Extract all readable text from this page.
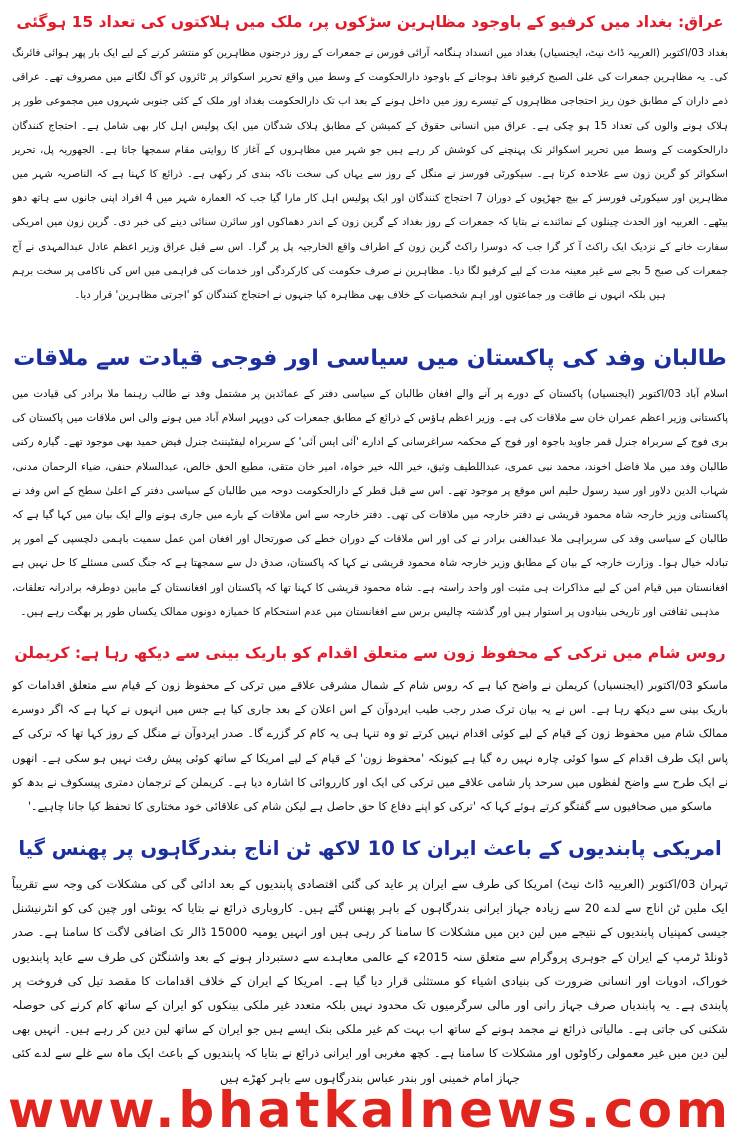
عراق: بغداد میں کرفیو کے باوجود مظاہرین سڑکوں پر، ملک میں ہلاکتوں کی تعداد 15 ہوگئی
بغداد 03/اکتوبر (العربیہ ڈاٹ نیٹ، ایجنسیاں) بغداد میں انسداد ہنگامہ آرائی فورس نے جمعرات کے روز درجنوں مظاہرین کو منتشر کرنے کے لیے ایک بار پھر ہوائی فائرنگ کی۔ یہ مظاہرین جمعرات کی علی الصبح کرفیو نافذ ہوجانے کے باوجود دارالحکومت کے وسط میں واقع تحریر اسکوائر پر ٹائروں کو آگ لگانے میں مصروف تھے۔ عراقی ذمے داران کے مطابق خون ریز احتجاجی مظاہروں کے تیسرے روز میں داخل ہونے کے بعد اب تک دارالحکومت بغداد اور ملک کے کئی جنوبی شہروں میں مجموعی طور پر ہلاک ہونے والوں کی تعداد 15 ہو چکی ہے۔ عراق میں انسانی حقوق کے کمیشن کے مطابق ہلاک شدگان میں ایک پولیس اہل کار بھی شامل ہے۔ احتجاج کنندگان دارالحکومت کے وسط میں تحریر اسکوائر تک پہنچنے کی کوشش کر رہے ہیں جو شہر میں مظاہروں کے آغاز کا روایتی مقام سمجھا جاتا ہے۔ الجھوریہ پل، تحریر اسکوائر کو گرین زون سے علاحدہ کرتا ہے۔ سیکورٹی فورسز نے منگل کے روز سے یہاں کی سخت ناکہ بندی کر رکھی ہے۔ ذرائع کا کہنا ہے کہ الناصریہ شہر میں مظاہرین اور سیکورٹی فورسز کے بیچ جھڑپوں کے دوران 7 احتجاج کنندگان اور ایک پولیس اہل کار مارا گیا جب کہ العمارہ شہر میں 4 افراد اپنی جانوں سے ہاتھ دھو بیٹھے۔ العربیہ اور الحدث چینلوں کے نمائندے نے بتایا کہ جمعرات کے روز بغداد کے گرین زون کے اندر دھماکوں اور سائرن سنائی دینے کی خبر دی۔ گرین زون میں امریکی سفارت خانے کے نزدیک ایک راکٹ آ کر گرا جب کہ دوسرا راکٹ گرین زون کے اطراف واقع الخارجیہ پل پر گرا۔ اس سے قبل عراق وزیر اعظم عادل عبدالمہدی نے آج جمعرات کی صبح 5 بجے سے غیر معینہ مدت کے لیے کرفیو لگا دیا۔ مظاہرین نے صرف حکومت کی کارکردگی اور خدمات کی فراہمی میں اس کی ناکامی پر سخت برہم ہیں بلکہ انہوں نے طاقت ور جماعتوں اور اہم شخصیات کے خلاف بھی مظاہرہ کیا جنہوں نے احتجاج کنندگان کو 'اجرتی مظاہرین' قرار دیا۔
طالبان وفد کی پاکستان میں سیاسی اور فوجی قیادت سے ملاقات
اسلام آباد 03/اکتوبر (ایجنسیاں) پاکستان کے دورے پر آنے والے افغان طالبان کے سیاسی دفتر کے عمائدین پر مشتمل وفد نے طالب رہنما ملا برادر کی قیادت میں پاکستانی وزیر اعظم عمران خان سے ملاقات کی ہے۔ وزیر اعظم ہاؤس کے ذرائع کے مطابق جمعرات کی دوپہر اسلام آباد میں ہونے والی اس ملاقات میں پاکستان کی بری فوج کے سربراہ جنرل قمر جاوید باجوہ اور فوج کے محکمہ سراغرسانی کے ادارے 'آئی ایس آئی' کے سربراہ لیفٹیننٹ جنرل فیض حمید بھی موجود تھے۔ گیارہ رکنی طالبان وفد میں ملا فاضل اخوند، محمد نبی عمری، عبداللطیف وثیق، خیر اللہ خیر خواہ، امیر خان متقی، مطیع الحق خالص، عبدالسلام حنفی، ضیاء الرحمان مدنی، شہاب الدین دلاور اور سید رسول حلیم اس موقع پر موجود تھے۔ اس سے قبل قطر کے دارالحکومت دوحہ میں طالبان کے سیاسی دفتر کے اعلیٰ سطح کے اس وفد نے پاکستانی وزیر خارجہ شاہ محمود قریشی نے دفتر خارجہ میں ملاقات کی تھی۔ دفتر خارجہ سے اس ملاقات کے بارے میں جاری ہونے والے ایک بیان میں کہا گیا ہے کہ طالبان کے سیاسی وفد کی سربراہی ملا عبدالغنی برادر نے کی اور اس ملاقات کے دوران خطے کی صورتحال اور افغان امن عمل سمیت باہمی دلچسپی کے امور پر تبادلہ خیال ہوا۔ وزارت خارجہ کے بیان کے مطابق وزیر خارجہ شاہ محمود قریشی نے کہا کہ پاکستان، صدق دل سے سمجھتا ہے کہ جنگ کسی مسئلے کا حل نہیں ہے افغانستان میں قیام امن کے لیے مذاکرات ہی مثبت اور واحد راستہ ہے۔ شاہ محمود قریشی کا کہنا تھا کہ پاکستان اور افغانستان کے مابین دوطرفہ برادرانہ تعلقات، مذہبی ثقافتی اور تاریخی بنیادوں پر استوار ہیں اور گذشتہ چالیس برس سے افغانستان میں عدم استحکام کا خمیازہ دونوں ممالک یکساں طور پر بھگت رہے ہیں۔
روس شام میں ترکی کے محفوظ زون سے متعلق اقدام کو باریک بینی سے دیکھ رہا ہے: کریملن
ماسکو 03/اکتوبر (ایجنسیاں) کریملن نے واضح کیا ہے کہ روس شام کے شمال مشرقی علاقے میں ترکی کے محفوظ زون کے قیام سے متعلق اقدامات کو باریک بینی سے دیکھ رہا ہے۔ اس نے یہ بیان ترک صدر رجب طیب ایردوآن کے اس اعلان کے بعد جاری کیا ہے جس میں انہوں نے کہا ہے کہ اگر دوسرے ممالک شام میں محفوظ زون کے قیام کے لیے کوئی اقدام نہیں کرتے تو وہ تنہا ہی یہ کام کر گزرے گا۔ صدر ایردوآن نے منگل کے روز کہا تھا کہ ترکی کے پاس ایک طرف اقدام کے سوا کوئی چارہ نہیں رہ گیا ہے کیونکہ 'محفوظ زون' کے قیام کے لیے امریکا کے ساتھ کوئی پیش رفت نہیں ہو سکی ہے۔ انھوں نے ایک طرح سے واضح لفظوں میں سرحد پار شامی علاقے میں ترکی کی ایک اور کارروائی کا اشارہ دیا ہے۔ کریملن کے ترجمان دمتری پیسکوف نے بدھ کو ماسکو میں صحافیوں سے گفتگو کرتے ہوئے کہا کہ 'ترکی کو اپنے دفاع کا حق حاصل ہے لیکن شام کی علاقائی خود مختاری کا تحفظ کیا جانا چاہیے۔'
امریکی پابندیوں کے باعث ایران کا 10 لاکھ ٹن اناج بندرگاہوں پر پھنس گیا
تہران 03/اکتوبر (العربیہ ڈاٹ نیٹ) امریکا کی طرف سے ایران پر عاید کی گئی اقتصادی پابندیوں کے بعد ادائی گی کی مشکلات کی وجہ سے تقریباً ایک ملین ٹن اناج سے لدے 20 سے زیادہ جہاز ایرانی بندرگاہوں کے باہر پھنس گئے ہیں۔ کاروباری ذرائع نے بتایا کہ یونٹی اور چین کی کو انٹرنیشنل جیسی کمپنیاں پابندیوں کے نتیجے میں لین دین میں مشکلات کا سامنا کر رہی ہیں اور انہیں یومیہ 15000 ڈالر تک اضافی لاگت کا سامنا ہے۔ صدر ڈونلڈ ٹرمپ کے ایران کے جوہری پروگرام سے متعلق سنہ 2015ء کے عالمی معاہدے سے دستبردار ہونے کے بعد واشنگٹن کی طرف سے عاید پابندیوں خوراک، ادویات اور انسانی ضرورت کی بنیادی اشیاء کو مستثنٰی قرار دیا گیا ہے۔ امریکا کے ایران کے خلاف اقدامات کا مقصد تیل کی فروخت پر پابندی ہے۔ یہ پابندیاں صرف جہاز رانی اور مالی سرگرمیوں تک محدود نہیں بلکہ متعدد غیر ملکی بینکوں کو ایران کے ساتھ کام کرنے کی حوصلہ شکنی کی جاتی ہے۔ مالیاتی ذرائع نے مجمد ہونے کے ساتھ اب بہت کم غیر ملکی بنک ایسے ہیں جو ایران کے ساتھ لین دین کر رہے ہیں۔ انہیں بھی لین دین میں غیر معمولی رکاوٹوں اور مشکلات کا سامنا ہے۔ کچھ مغربی اور ایرانی ذرائع نے بتایا کہ پابندیوں کے باعث ایک ماہ سے غلے سے لدے کئی جہاز امام خمینی اور بندر عباس بندرگاہوں سے باہر کھڑے ہیں
www.bhatkalnews.com
